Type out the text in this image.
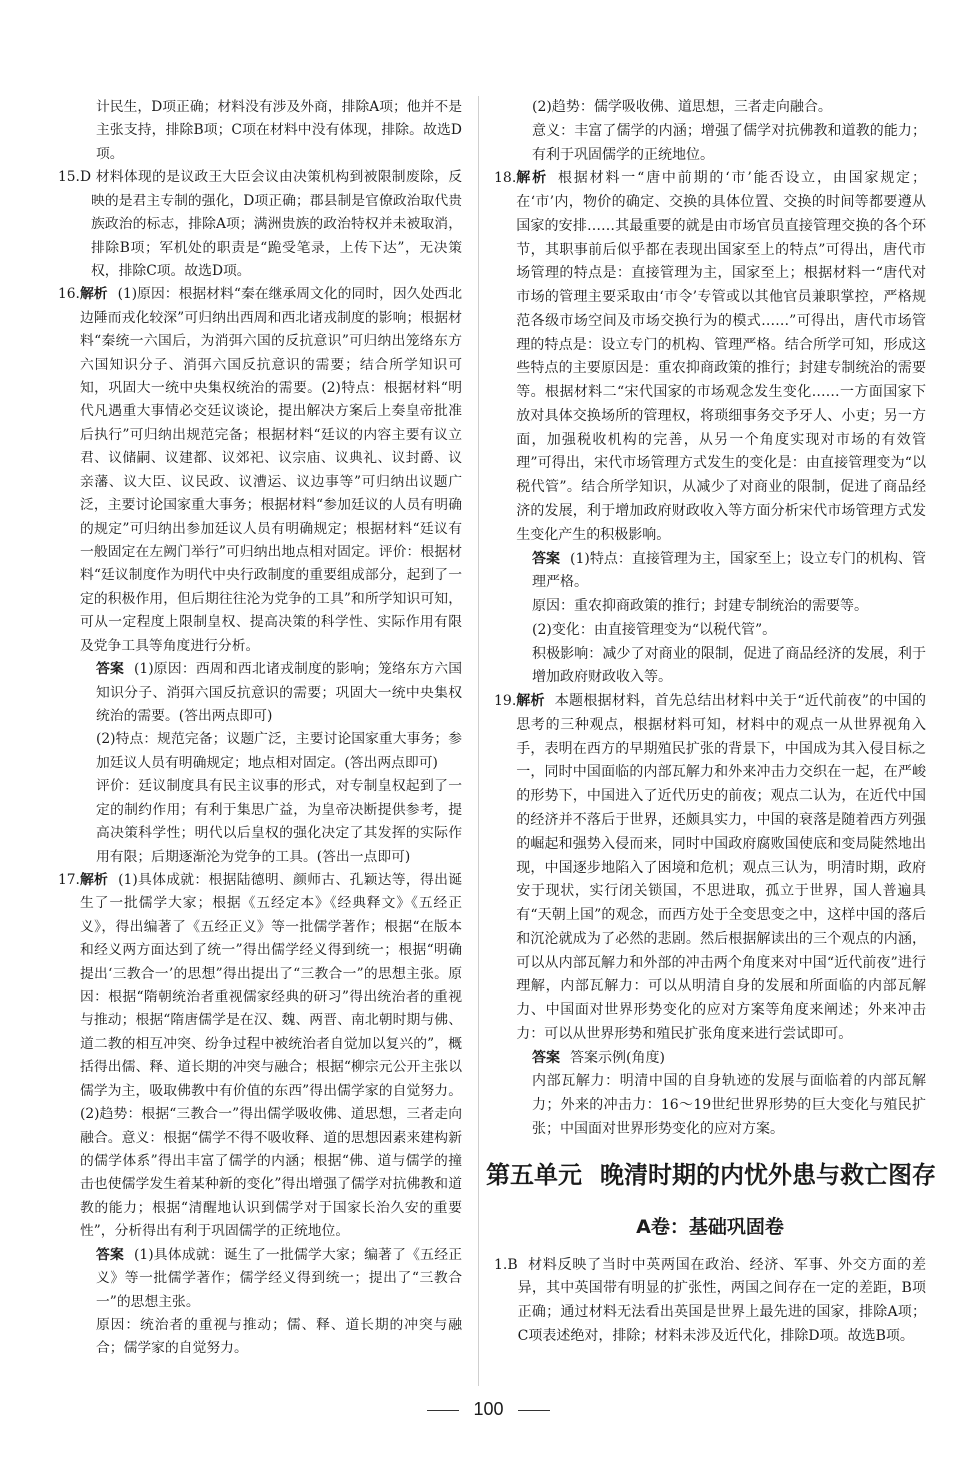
计民生，D项正确；材料没有涉及外商，排除A项；他并不是主张支持，排除B项；C项在材料中没有体现，排除。故选D项。

15.D 材料体现的是议政王大臣会议由决策机构到被限制废除，反映的是君主专制的强化，D项正确；郡县制是官僚政治取代贵族政治的标志，排除A项；满洲贵族的政治特权并未被取消，排除B项；军机处的职责是“跪受笔录，上传下达”，无决策权，排除C项。故选D项。

16. 解析 (1)原因：根据材料“秦在继承周文化的同时，因久处西北边陲而戎化较深”可归纳出西周和西北诸戎制度的影响；根据材料“秦统一六国后，为消弭六国的反抗意识”可归纳出笼络东方六国知识分子、消弭六国反抗意识的需要；结合所学知识可知，巩固大一统中央集权统治的需要。(2)特点：根据材料“明代凡遇重大事情必交廷议谈论，提出解决方案后上奏皇帝批准后执行”可归纳出规范完备；根据材料“廷议的内容主要有议立君、议储嗣、议建都、议郊祀、议宗庙、议典礼、议封爵、议亲藩、议大臣、议民政、议漕运、议边事等”可归纳出议题广泛，主要讨论国家重大事务；根据材料“参加廷议的人员有明确的规定”可归纳出参加廷议人员有明确规定；根据材料“廷议有一般固定在左阙门举行”可归纳出地点相对固定。评价：根据材料“廷议制度作为明代中央行政制度的重要组成部分，起到了一定的积极作用，但后期往往沦为党争的工具”和所学知识可知，可从一定程度上限制皇权、提高决策的科学性、实际作用有限及党争工具等角度进行分析。

答案 (1)原因：西周和西北诸戎制度的影响；笼络东方六国知识分子、消弭六国反抗意识的需要；巩固大一统中央集权统治的需要。(答出两点即可)

(2)特点：规范完备；议题广泛，主要讨论国家重大事务；参加廷议人员有明确规定；地点相对固定。(答出两点即可)

评价：廷议制度具有民主议事的形式，对专制皇权起到了一定的制约作用；有利于集思广益，为皇帝决断提供参考，提高决策科学性；明代以后皇权的强化决定了其发挥的实际作用有限；后期逐渐沦为党争的工具。(答出一点即可)

17. 解析 (1)具体成就：根据陆德明、颜师古、孔颖达等，得出诞生了一批儒学大家；根据《五经定本》《经典释文》《五经正义》，得出编著了《五经正义》等一批儒学著作；根据“在版本和经义两方面达到了统一”得出儒学经义得到统一；根据“明确提出‘三教合一’的思想”得出提出了“三教合一”的思想主张。原因：根据“隋朝统治者重视儒家经典的研习”得出统治者的重视与推动；根据“隋唐儒学是在汉、魏、两晋、南北朝时期与佛、道二教的相互冲突、纷争过程中被统治者自觉加以复兴的”，概括得出儒、释、道长期的冲突与融合；根据“柳宗元公开主张以儒学为主，吸取佛教中有价值的东西”得出儒学家的自觉努力。(2)趋势：根据“三教合一”得出儒学吸收佛、道思想，三者走向融合。意义：根据“儒学不得不吸收释、道的思想因素来建构新的儒学体系”得出丰富了儒学的内涵；根据“佛、道与儒学的撞击也使儒学发生着某种新的变化”得出增强了儒学对抗佛教和道教的能力；根据“清醒地认识到儒学对于国家长治久安的重要性”，分析得出有利于巩固儒学的正统地位。

答案 (1)具体成就：诞生了一批儒学大家；编著了《五经正义》等一批儒学著作；儒学经义得到统一；提出了“三教合一”的思想主张。

原因：统治者的重视与推动；儒、释、道长期的冲突与融合；儒学家的自觉努力。

(2)趋势：儒学吸收佛、道思想，三者走向融合。

意义：丰富了儒学的内涵；增强了儒学对抗佛教和道教的能力；有利于巩固儒学的正统地位。

18. 解析 根据材料一“唐中前期的‘市’能否设立，由国家规定；在‘市’内，物价的确定、交换的具体位置、交换的时间等都要遵从国家的安排……其最重要的就是由市场官员直接管理交换的各个环节，其职事前后似乎都在表现出国家至上的特点”可得出，唐代市场管理的特点是：直接管理为主，国家至上；根据材料一“唐代对市场的管理主要采取由‘市令’专管或以其他官员兼职掌控，严格规范各级市场空间及市场交换行为的模式……”可得出，唐代市场管理的特点是：设立专门的机构、管理严格。结合所学可知，形成这些特点的主要原因是：重农抑商政策的推行；封建专制统治的需要等。根据材料二“宋代国家的市场观念发生变化……一方面国家下放对具体交换场所的管理权，将琐细事务交予牙人、小吏；另一方面，加强税收机构的完善，从另一个角度实现对市场的有效管理”可得出，宋代市场管理方式发生的变化是：由直接管理变为“以税代管”。结合所学知识，从减少了对商业的限制，促进了商品经济的发展，利于增加政府财政收入等方面分析宋代市场管理方式发生变化产生的积极影响。

答案 (1)特点：直接管理为主，国家至上；设立专门的机构、管理严格。

原因：重农抑商政策的推行；封建专制统治的需要等。

(2)变化：由直接管理变为“以税代管”。

积极影响：减少了对商业的限制，促进了商品经济的发展，利于增加政府财政收入等。

19. 解析 本题根据材料，首先总结出材料中关于“近代前夜”的中国的思考的三种观点，根据材料可知，材料中的观点一从世界视角入手，表明在西方的早期殖民扩张的背景下，中国成为其入侵目标之一，同时中国面临的内部瓦解力和外来冲击力交织在一起，在严峻的形势下，中国进入了近代历史的前夜；观点二认为，在近代中国的经济并不落后于世界，还颇具实力，中国的衰落是随着西方列强的崛起和强势入侵而来，同时中国政府腐败国使底和变局陡然地出现，中国逐步地陷入了困境和危机；观点三认为，明清时期，政府安于现状，实行闭关锁国，不思进取，孤立于世界，国人普遍具有“天朝上国”的观念，而西方处于全变思变之中，这样中国的落后和沉沦就成为了必然的悲剧。然后根据解读出的三个观点的内涵，可以从内部瓦解力和外部的冲击两个角度来对中国“近代前夜”进行理解，内部瓦解力：可以从明清自身的发展和所面临的内部瓦解力、中国面对世界形势变化的应对方案等角度来阐述；外来冲击力：可以从世界形势和殖民扩张角度来进行尝试即可。

答案 答案示例(角度)

内部瓦解力：明清中国的自身轨迹的发展与面临着的内部瓦解力；外来的冲击力：16～19世纪世界形势的巨大变化与殖民扩张；中国面对世界形势变化的应对方案。

第五单元 晚清时期的内忧外患与救亡图存
A卷：基础巩固卷
1.B 材料反映了当时中英两国在政治、经济、军事、外交方面的差异，其中英国带有明显的扩张性，两国之间存在一定的差距，B项正确；通过材料无法看出英国是世界上最先进的国家，排除A项；C项表述绝对，排除；材料未涉及近代化，排除D项。故选B项。

100
